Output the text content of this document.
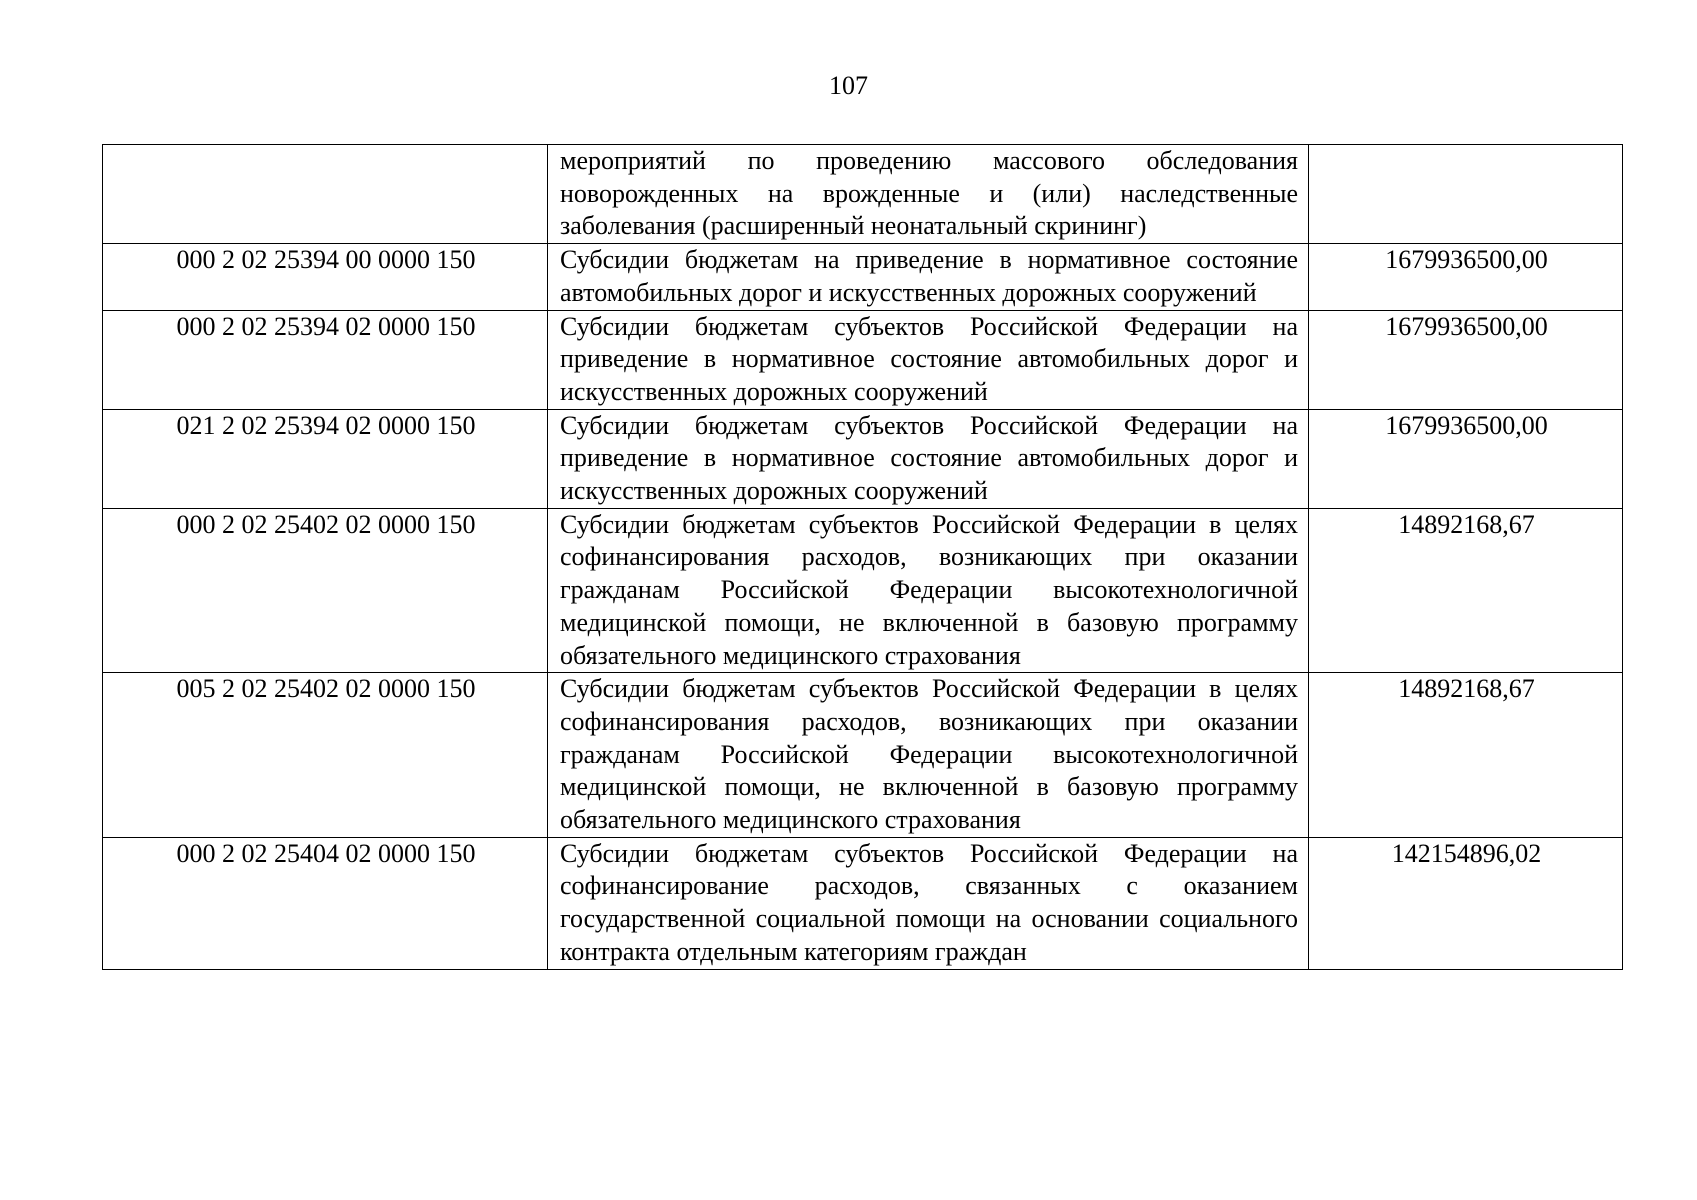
107
	мероприятий по проведению массового обследования новорожденных на врожденные и (или) наследственные заболевания (расширенный неонатальный скрининг)	
000 2 02 25394 00 0000 150	Субсидии бюджетам на приведение в нормативное состояние автомобильных дорог и искусственных дорожных сооружений	1679936500,00
000 2 02 25394 02 0000 150	Субсидии бюджетам субъектов Российской Федерации на приведение в нормативное состояние автомобильных дорог и искусственных дорожных сооружений	1679936500,00
021 2 02 25394 02 0000 150	Субсидии бюджетам субъектов Российской Федерации на приведение в нормативное состояние автомобильных дорог и искусственных дорожных сооружений	1679936500,00
000 2 02 25402 02 0000 150	Субсидии бюджетам субъектов Российской Федерации в целях софинансирования расходов, возникающих при оказании гражданам Российской Федерации высокотехнологичной медицинской помощи, не включенной в базовую программу обязательного медицинского страхования	14892168,67
005 2 02 25402 02 0000 150	Субсидии бюджетам субъектов Российской Федерации в целях софинансирования расходов, возникающих при оказании гражданам Российской Федерации высокотехнологичной медицинской помощи, не включенной в базовую программу обязательного медицинского страхования	14892168,67
000 2 02 25404 02 0000 150	Субсидии бюджетам субъектов Российской Федерации на софинансирование расходов, связанных с оказанием государственной социальной помощи на основании социального контракта отдельным категориям граждан	142154896,02
